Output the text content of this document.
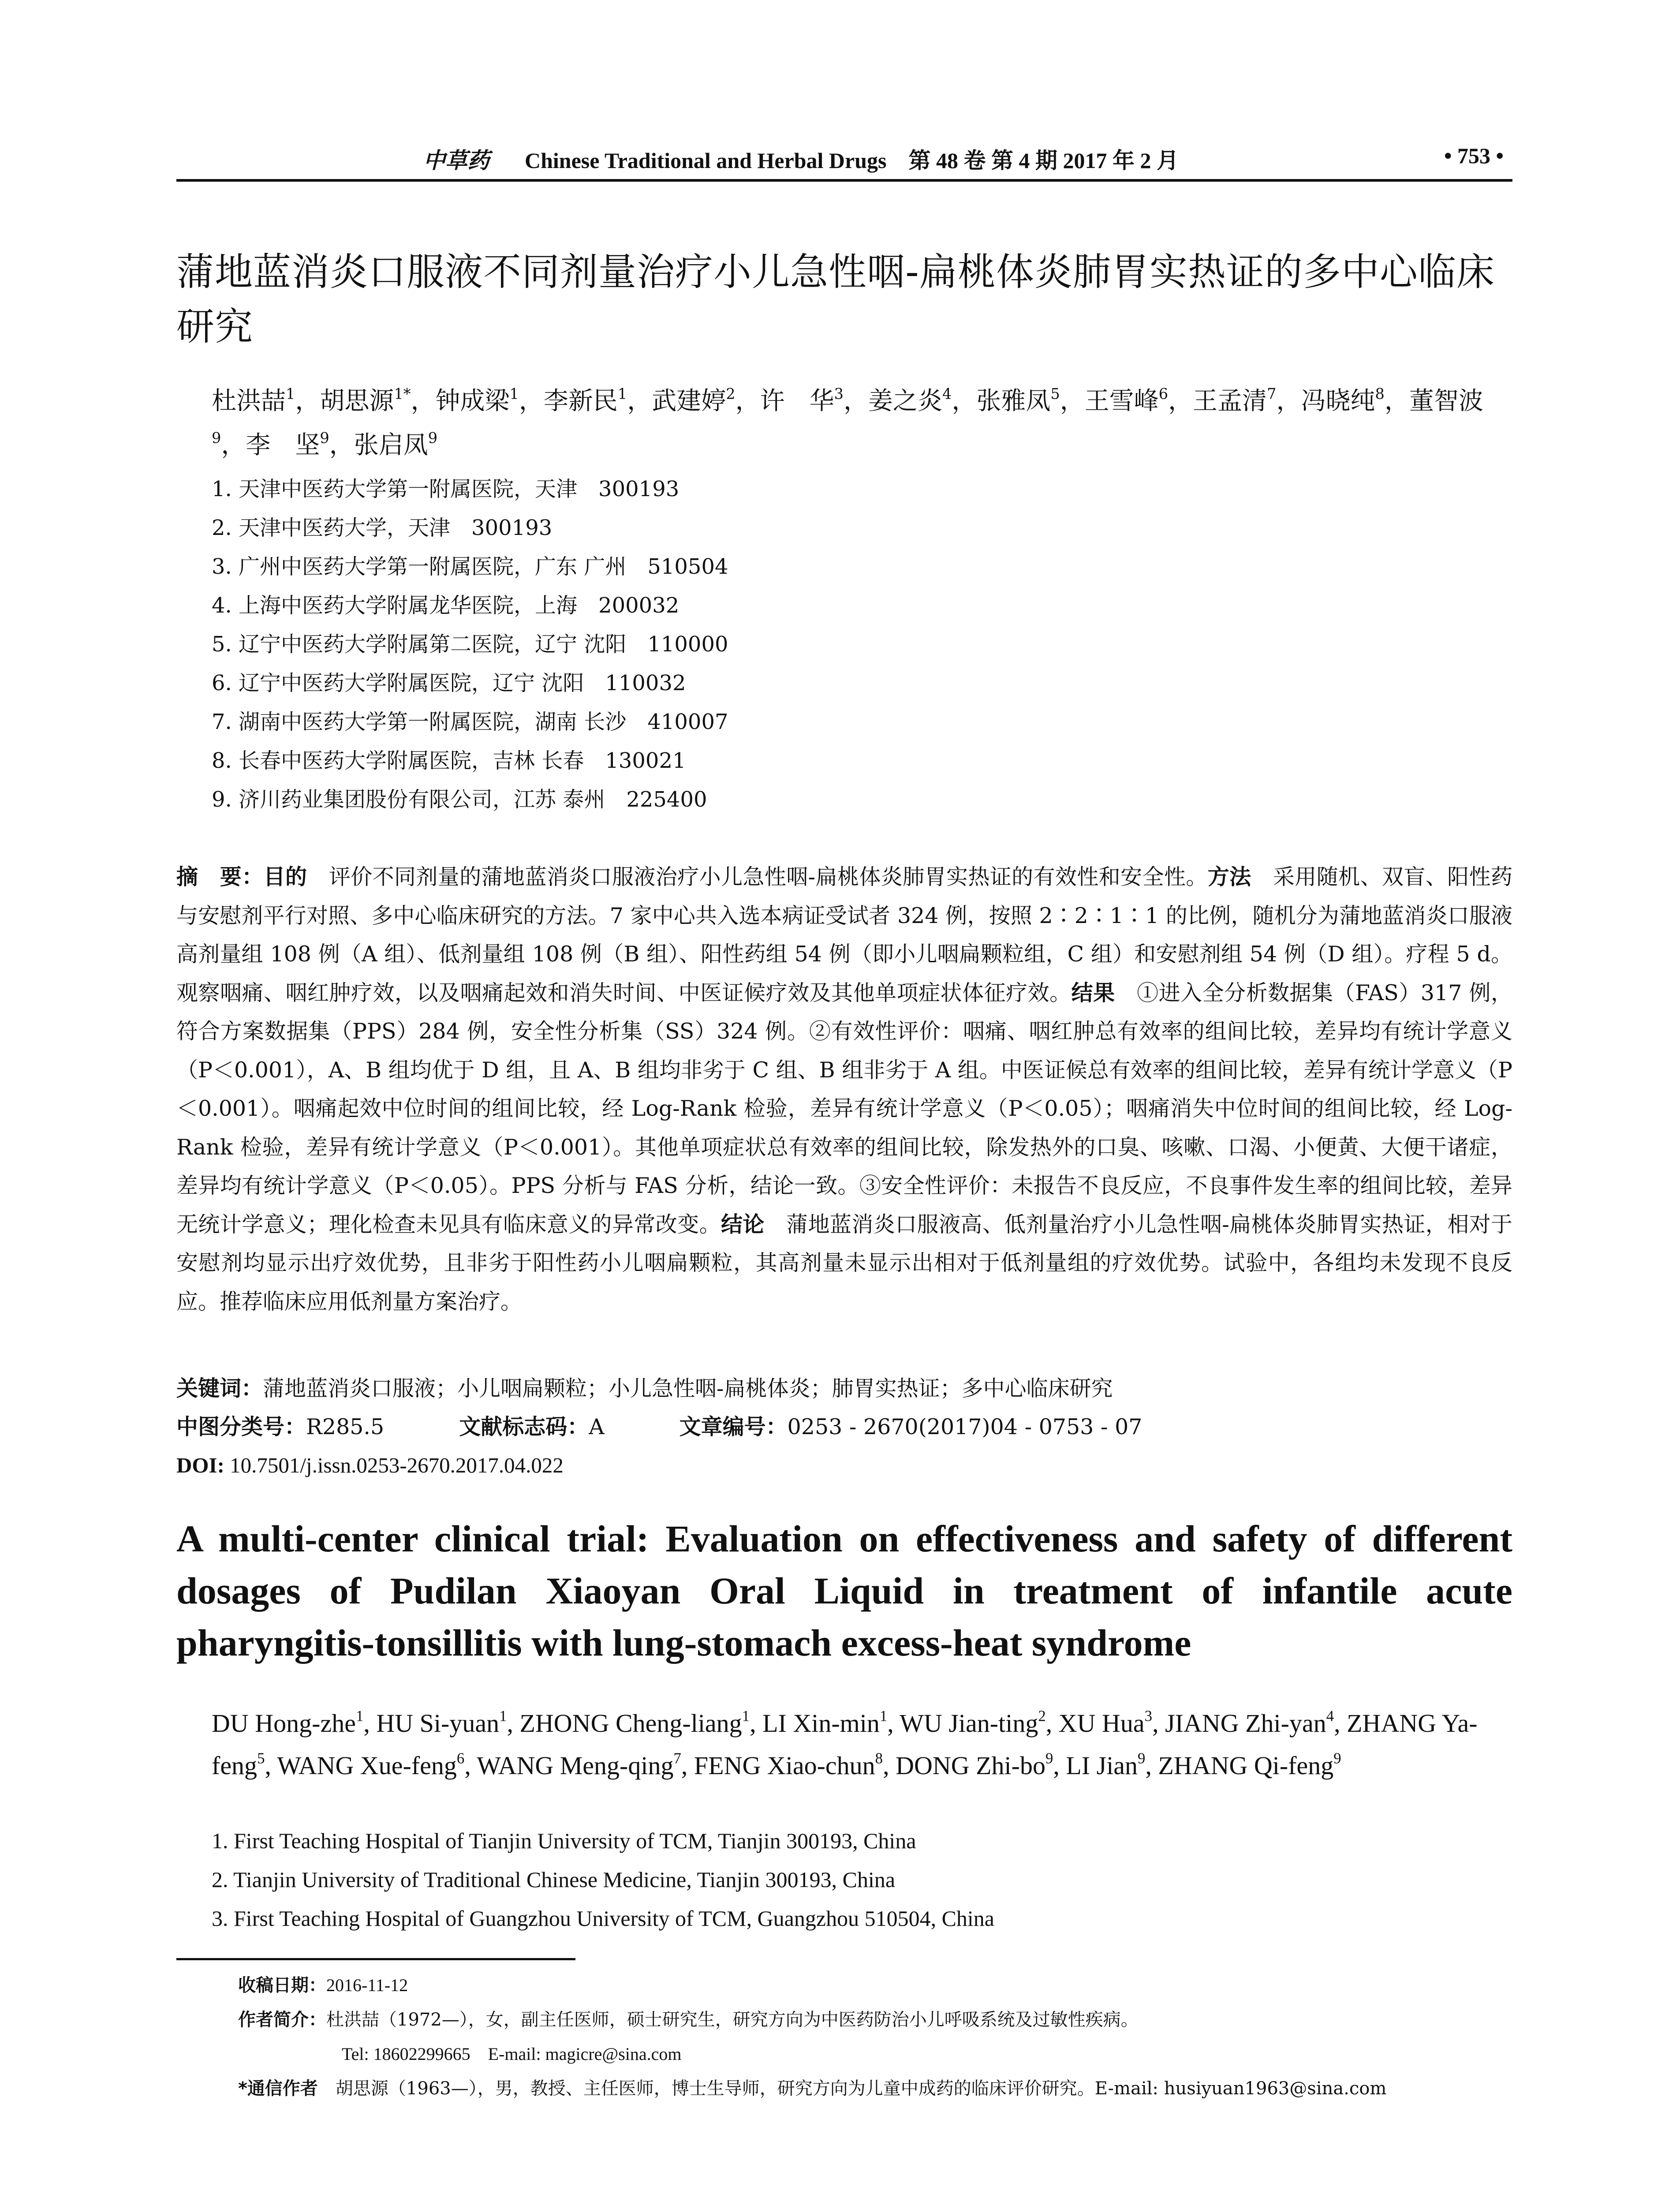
中草药 Chinese Traditional and Herbal Drugs　第 48 卷 第 4 期 2017 年 2 月	• 753 •
蒲地蓝消炎口服液不同剂量治疗小儿急性咽-扁桃体炎肺胃实热证的多中心临床研究
杜洪喆$^1$，胡思源$^{1*}$，钟成梁$^1$，李新民$^1$，武建婷$^2$，许　华$^3$，姜之炎$^4$，张雅凤$^5$，王雪峰$^6$，王孟清$^7$，冯晓纯$^8$，董智波$^9$，李　坚$^9$，张启凤$^9$
1. 天津中医药大学第一附属医院，天津　300193
2. 天津中医药大学，天津　300193
3. 广州中医药大学第一附属医院，广东 广州　510504
4. 上海中医药大学附属龙华医院，上海　200032
5. 辽宁中医药大学附属第二医院，辽宁 沈阳　110000
6. 辽宁中医药大学附属医院，辽宁 沈阳　110032
7. 湖南中医药大学第一附属医院，湖南 长沙　410007
8. 长春中医药大学附属医院，吉林 长春　130021
9. 济川药业集团股份有限公司，江苏 泰州　225400
摘　要：目的　评价不同剂量的蒲地蓝消炎口服液治疗小儿急性咽-扁桃体炎肺胃实热证的有效性和安全性。方法　采用随机、双盲、阳性药与安慰剂平行对照、多中心临床研究的方法。7 家中心共入选本病证受试者 324 例，按照 2∶2∶1∶1 的比例，随机分为蒲地蓝消炎口服液高剂量组 108 例（A 组）、低剂量组 108 例（B 组）、阳性药组 54 例（即小儿咽扁颗粒组，C 组）和安慰剂组 54 例（D 组）。疗程 5 d。观察咽痛、咽红肿疗效，以及咽痛起效和消失时间、中医证候疗效及其他单项症状体征疗效。结果　①进入全分析数据集（FAS）317 例，符合方案数据集（PPS）284 例，安全性分析集（SS）324 例。②有效性评价：咽痛、咽红肿总有效率的组间比较，差异均有统计学意义（P＜0.001），A、B 组均优于 D 组，且 A、B 组均非劣于 C 组、B 组非劣于 A 组。中医证候总有效率的组间比较，差异有统计学意义（P＜0.001）。咽痛起效中位时间的组间比较，经 Log-Rank 检验，差异有统计学意义（P＜0.05）；咽痛消失中位时间的组间比较，经 Log-Rank 检验，差异有统计学意义（P＜0.001）。其他单项症状总有效率的组间比较，除发热外的口臭、咳嗽、口渴、小便黄、大便干诸症，差异均有统计学意义（P＜0.05）。PPS 分析与 FAS 分析，结论一致。③安全性评价：未报告不良反应，不良事件发生率的组间比较，差异无统计学意义；理化检查未见具有临床意义的异常改变。结论　蒲地蓝消炎口服液高、低剂量治疗小儿急性咽-扁桃体炎肺胃实热证，相对于安慰剂均显示出疗效优势，且非劣于阳性药小儿咽扁颗粒，其高剂量未显示出相对于低剂量组的疗效优势。试验中，各组均未发现不良反应。推荐临床应用低剂量方案治疗。
关键词：蒲地蓝消炎口服液；小儿咽扁颗粒；小儿急性咽-扁桃体炎；肺胃实热证；多中心临床研究
中图分类号：R285.5	文献标志码：A	文章编号：0253 - 2670(2017)04 - 0753 - 07
DOI: 10.7501/j.issn.0253-2670.2017.04.022
A multi-center clinical trial: Evaluation on effectiveness and safety of different dosages of Pudilan Xiaoyan Oral Liquid in treatment of infantile acute pharyngitis-tonsillitis with lung-stomach excess-heat syndrome
DU Hong-zhe$^1$, HU Si-yuan$^1$, ZHONG Cheng-liang$^1$, LI Xin-$\min^1$, WU Jian-ting$^2$, XU Hua$^3$, JIANG Zhi-yan$^4$, ZHANG Ya-feng$^5$, WANG Xue-feng$^6$, WANG Meng-qing$^7$, FENG Xiao-chun$^8$, DONG Zhi-$bo^9$, LI Jian$^9$, ZHANG Qi-feng$^9$
1. First Teaching Hospital of Tianjin University of TCM, Tianjin 300193, China
2. Tianjin University of Traditional Chinese Medicine, Tianjin 300193, China
3. First Teaching Hospital of Guangzhou University of TCM, Guangzhou 510504, China
收稿日期：2016-11-12
作者简介：杜洪喆（1972—），女，副主任医师，硕士研究生，研究方向为中医药防治小儿呼吸系统及过敏性疾病。
Tel: 18602299665　E-mail: magicre@sina.com
*通信作者　胡思源（1963—），男，教授、主任医师，博士生导师，研究方向为儿童中成药的临床评价研究。E-mail: husiyuan1963@sina.com
